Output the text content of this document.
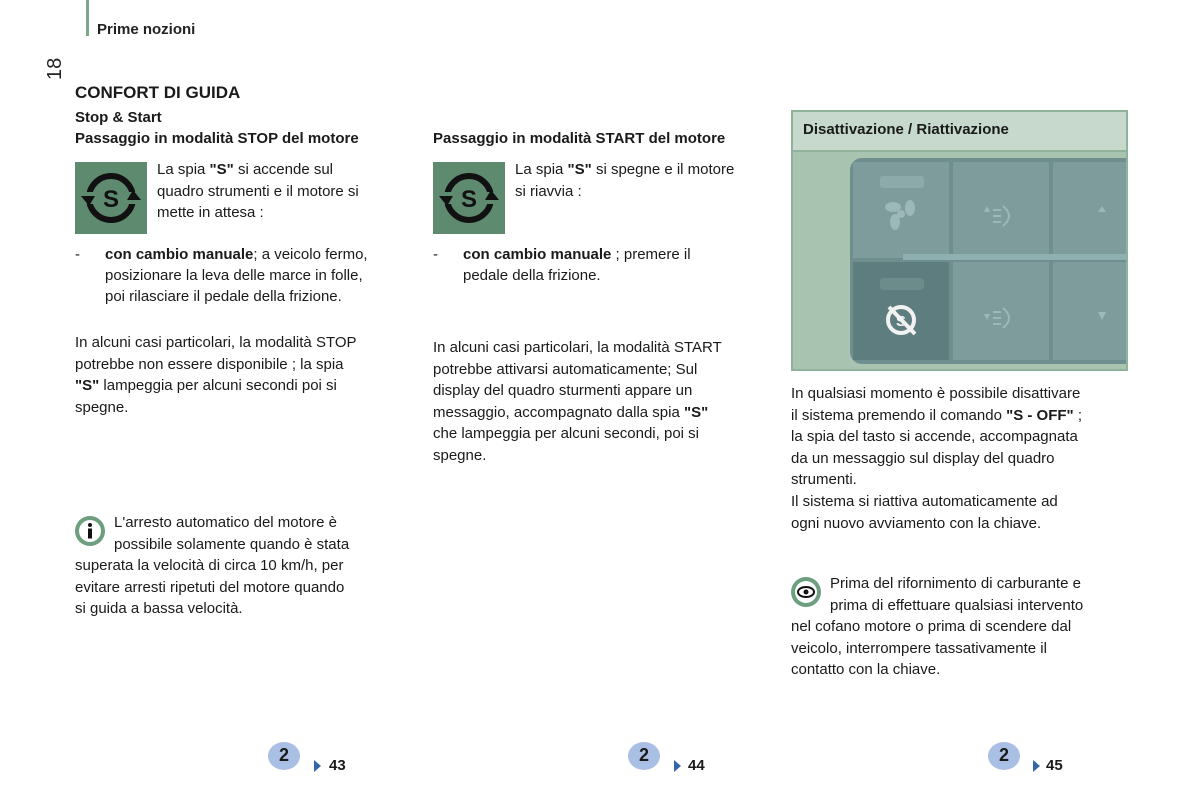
Prime nozioni
18
CONFORT DI GUIDA
Stop & Start
Passaggio in modalità STOP del motore
S
La spia "S" si accende sul
quadro strumenti e il motore si
mette in attesa :
- con cambio manuale; a veicolo fermo,
posizionare la leva delle marce in folle,
poi rilasciare il pedale della frizione.
In alcuni casi particolari, la modalità STOP
potrebbe non essere disponibile ; la spia
"S" lampeggia per alcuni secondi poi si
spegne.
L'arresto automatico del motore è
possibile solamente quando è stata
superata la velocità di circa 10 km/h, per
evitare arresti ripetuti del motore quando
si guida a bassa velocità.
Passaggio in modalità START del motore
S
La spia "S" si spegne e il motore
si riavvia :
- con cambio manuale ; premere il
pedale della frizione.
In alcuni casi particolari, la modalità START
potrebbe attivarsi automaticamente; Sul
display del quadro sturmenti appare un
messaggio, accompagnato dalla spia "S"
che lampeggia per alcuni secondi, poi si
spegne.
Disattivazione / Riattivazione
S
In qualsiasi momento è possibile disattivare
il sistema premendo il comando "S - OFF" ;
la spia del tasto si accende, accompagnata
da un messaggio sul display del quadro
strumenti.
Il sistema si riattiva automaticamente ad
ogni nuovo avviamento con la chiave.
Prima del rifornimento di carburante e
prima di effettuare qualsiasi intervento
nel cofano motore o prima di scendere dal
veicolo, interrompere tassativamente il
contatto con la chiave.
2
43
2
44
2
45
